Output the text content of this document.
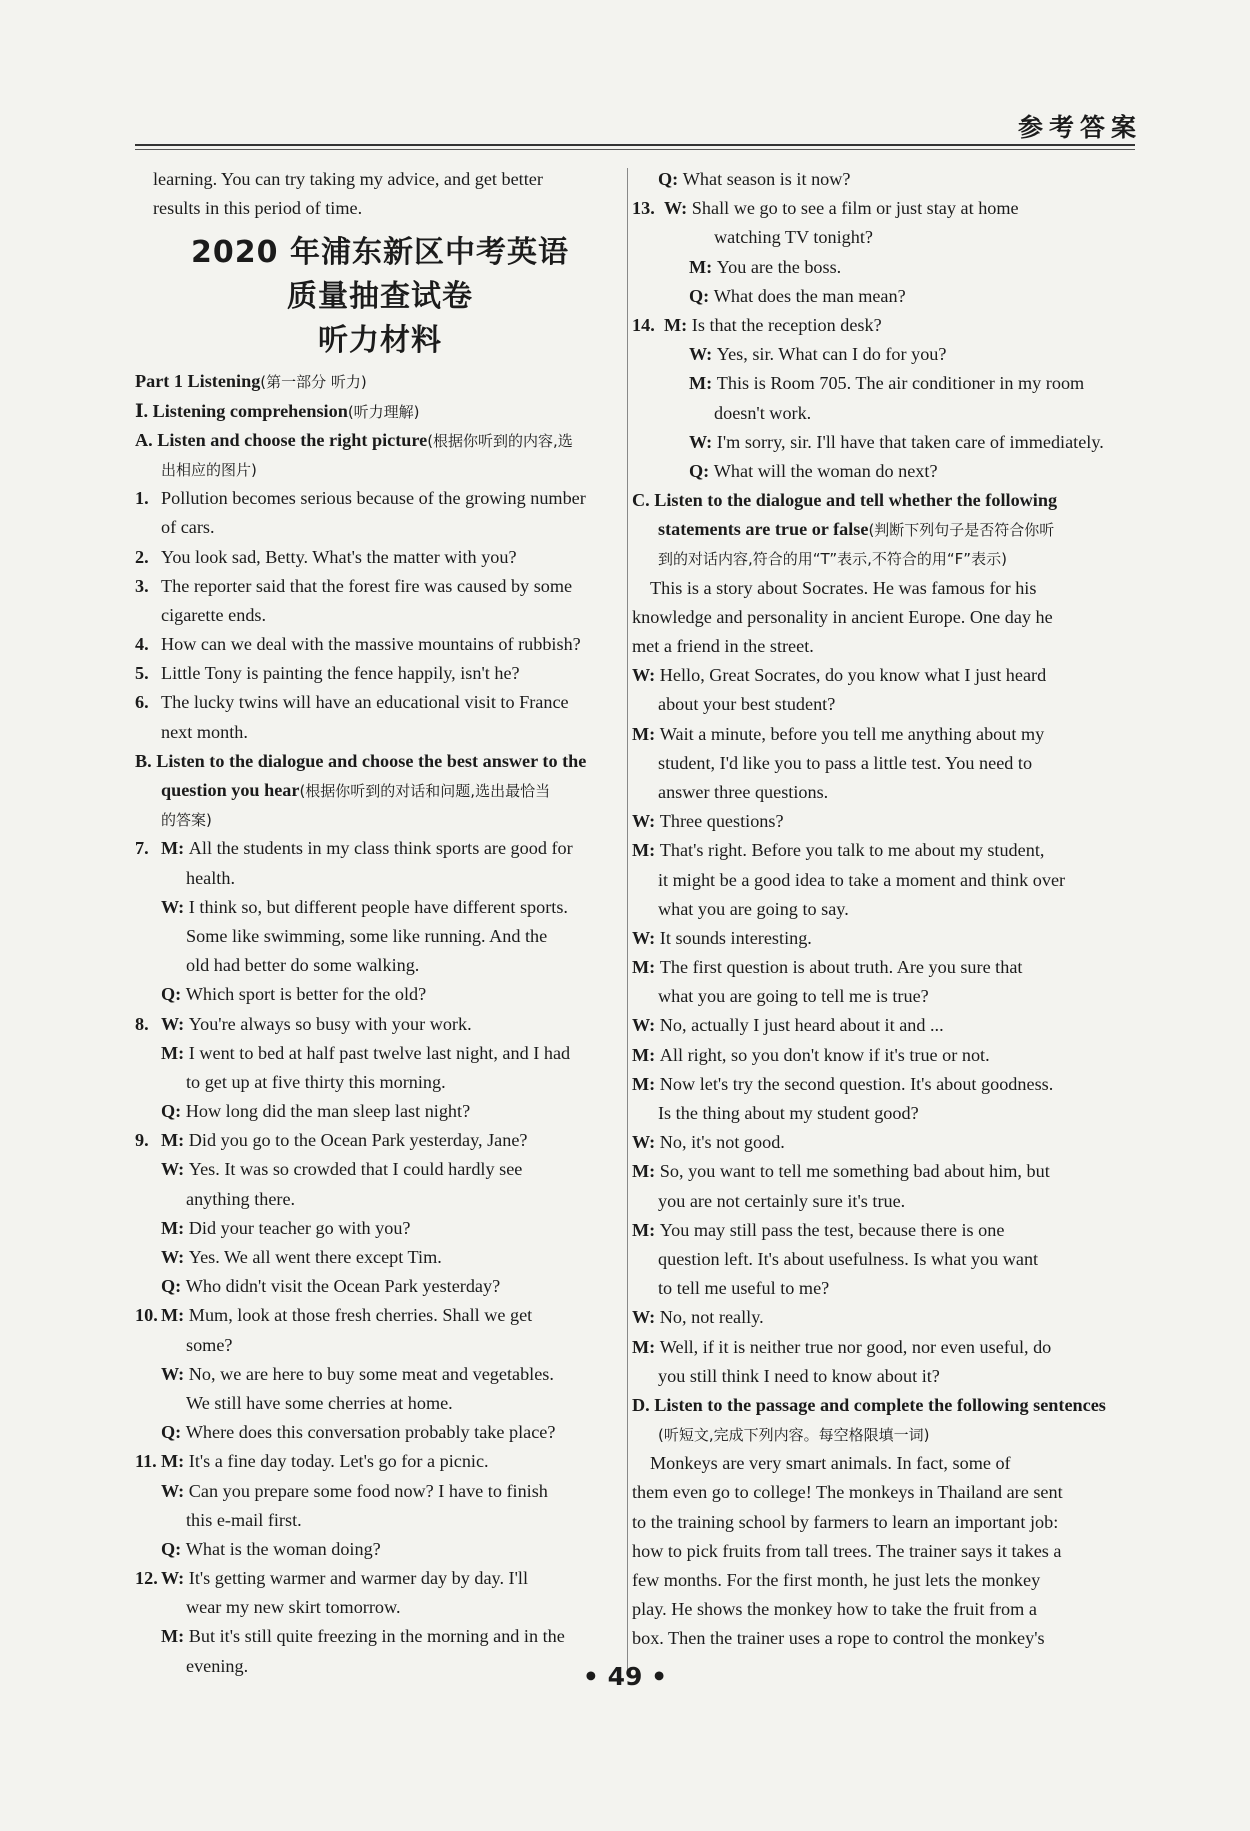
参考答案
learning. You can try taking my advice, and get better
results in this period of time.
2020 年浦东新区中考英语
质量抽查试卷
听力材料
Part 1 Listening(第一部分 听力)
Ⅰ. Listening comprehension(听力理解)
A. Listen and choose the right picture(根据你听到的内容,选
出相应的图片)
1. Pollution becomes serious because of the growing number
of cars.
2. You look sad, Betty. What's the matter with you?
3. The reporter said that the forest fire was caused by some
cigarette ends.
4. How can we deal with the massive mountains of rubbish?
5. Little Tony is painting the fence happily, isn't he?
6. The lucky twins will have an educational visit to France
next month.
B. Listen to the dialogue and choose the best answer to the
question you hear(根据你听到的对话和问题,选出最恰当
的答案)
7. M: All the students in my class think sports are good for
health.
W: I think so, but different people have different sports.
Some like swimming, some like running. And the
old had better do some walking.
Q: Which sport is better for the old?
8. W: You're always so busy with your work.
M: I went to bed at half past twelve last night, and I had
to get up at five thirty this morning.
Q: How long did the man sleep last night?
9. M: Did you go to the Ocean Park yesterday, Jane?
W: Yes. It was so crowded that I could hardly see
anything there.
M: Did your teacher go with you?
W: Yes. We all went there except Tim.
Q: Who didn't visit the Ocean Park yesterday?
10. M: Mum, look at those fresh cherries. Shall we get
some?
W: No, we are here to buy some meat and vegetables.
We still have some cherries at home.
Q: Where does this conversation probably take place?
11. M: It's a fine day today. Let's go for a picnic.
W: Can you prepare some food now? I have to finish
this e-mail first.
Q: What is the woman doing?
12. W: It's getting warmer and warmer day by day. I'll
wear my new skirt tomorrow.
M: But it's still quite freezing in the morning and in the
evening.
Q: What season is it now?
13. W: Shall we go to see a film or just stay at home
watching TV tonight?
M: You are the boss.
Q: What does the man mean?
14. M: Is that the reception desk?
W: Yes, sir. What can I do for you?
M: This is Room 705. The air conditioner in my room
doesn't work.
W: I'm sorry, sir. I'll have that taken care of immediately.
Q: What will the woman do next?
C. Listen to the dialogue and tell whether the following
statements are true or false(判断下列句子是否符合你听
到的对话内容,符合的用“T”表示,不符合的用“F”表示)
This is a story about Socrates. He was famous for his
knowledge and personality in ancient Europe. One day he
met a friend in the street.
W: Hello, Great Socrates, do you know what I just heard
about your best student?
M: Wait a minute, before you tell me anything about my
student, I'd like you to pass a little test. You need to
answer three questions.
W: Three questions?
M: That's right. Before you talk to me about my student,
it might be a good idea to take a moment and think over
what you are going to say.
W: It sounds interesting.
M: The first question is about truth. Are you sure that
what you are going to tell me is true?
W: No, actually I just heard about it and ...
M: All right, so you don't know if it's true or not.
M: Now let's try the second question. It's about goodness.
Is the thing about my student good?
W: No, it's not good.
M: So, you want to tell me something bad about him, but
you are not certainly sure it's true.
M: You may still pass the test, because there is one
question left. It's about usefulness. Is what you want
to tell me useful to me?
W: No, not really.
M: Well, if it is neither true nor good, nor even useful, do
you still think I need to know about it?
D. Listen to the passage and complete the following sentences
(听短文,完成下列内容。每空格限填一词)
Monkeys are very smart animals. In fact, some of
them even go to college! The monkeys in Thailand are sent
to the training school by farmers to learn an important job:
how to pick fruits from tall trees. The trainer says it takes a
few months. For the first month, he just lets the monkey
play. He shows the monkey how to take the fruit from a
box. Then the trainer uses a rope to control the monkey's
• 49 •
